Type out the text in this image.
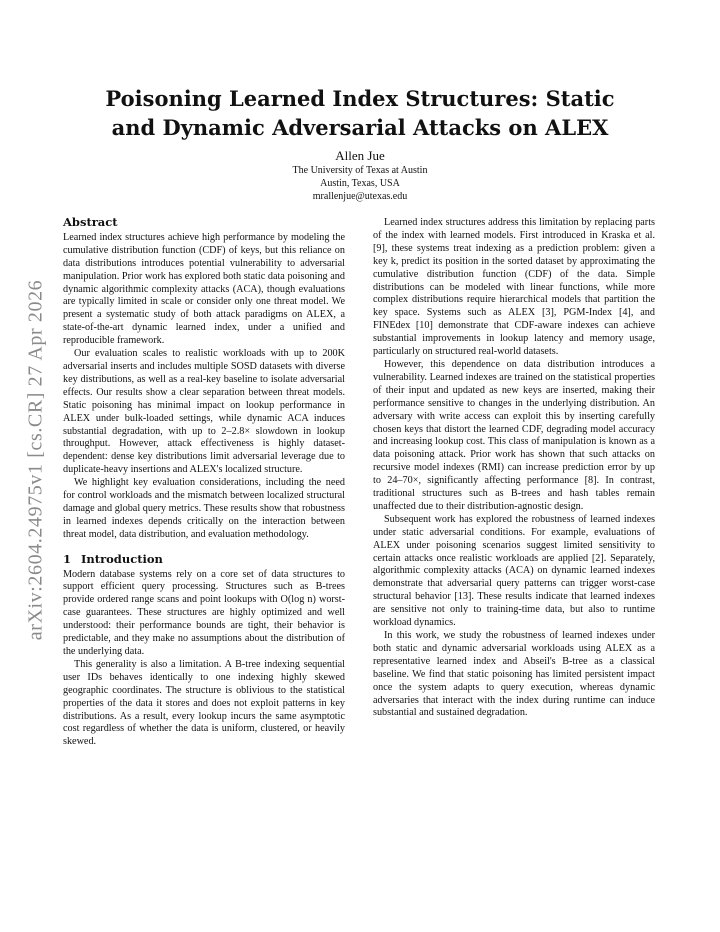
arXiv:2604.24975v1 [cs.CR] 27 Apr 2026
Poisoning Learned Index Structures: Static and Dynamic Adversarial Attacks on ALEX
Allen Jue
The University of Texas at Austin
Austin, Texas, USA
mrallenjue@utexas.edu
Abstract

Learned index structures achieve high performance by modeling the cumulative distribution function (CDF) of keys, but this reliance on data distributions introduces potential vulnerability to adversarial manipulation. Prior work has explored both static data poisoning and dynamic algorithmic complexity attacks (ACA), though evaluations are typically limited in scale or consider only one threat model. We present a systematic study of both attack paradigms on ALEX, a state-of-the-art dynamic learned index, under a unified and reproducible framework.

Our evaluation scales to realistic workloads with up to 200K adversarial inserts and includes multiple SOSD datasets with diverse key distributions, as well as a real-key baseline to isolate adversarial effects. Our results show a clear separation between threat models. Static poisoning has minimal impact on lookup performance in ALEX under bulk-loaded settings, while dynamic ACA induces substantial degradation, with up to 2–2.8× slowdown in lookup throughput. However, attack effectiveness is highly dataset-dependent: dense key distributions limit adversarial leverage due to duplicate-heavy insertions and ALEX's localized structure.

We highlight key evaluation considerations, including the need for control workloads and the mismatch between localized structural damage and global query metrics. These results show that robustness in learned indexes depends critically on the interaction between threat model, data distribution, and evaluation methodology.

1 Introduction

Modern database systems rely on a core set of data structures to support efficient query processing. Structures such as B-trees provide ordered range scans and point lookups with O(log n) worst-case guarantees. These structures are highly optimized and well understood: their performance bounds are tight, their behavior is predictable, and they make no assumptions about the distribution of the underlying data.

This generality is also a limitation. A B-tree indexing sequential user IDs behaves identically to one indexing highly skewed geographic coordinates. The structure is oblivious to the statistical properties of the data it stores and does not exploit patterns in key distributions. As a result, every lookup incurs the same asymptotic cost regardless of whether the data is uniform, clustered, or heavily skewed.

Learned index structures address this limitation by replacing parts of the index with learned models. First introduced in Kraska et al. [9], these systems treat indexing as a prediction problem: given a key k, predict its position in the sorted dataset by approximating the cumulative distribution function (CDF) of the data. Simple distributions can be modeled with linear functions, while more complex distributions require hierarchical models that partition the key space. Systems such as ALEX [3], PGM-Index [4], and FINEdex [10] demonstrate that CDF-aware indexes can achieve substantial improvements in lookup latency and memory usage, particularly on structured real-world datasets.

However, this dependence on data distribution introduces a vulnerability. Learned indexes are trained on the statistical properties of their input and updated as new keys are inserted, making their performance sensitive to changes in the underlying distribution. An adversary with write access can exploit this by inserting carefully chosen keys that distort the learned CDF, degrading model accuracy and increasing lookup cost. This class of manipulation is known as a data poisoning attack. Prior work has shown that such attacks on recursive model indexes (RMI) can increase prediction error by up to 24–70×, significantly affecting performance [8]. In contrast, traditional structures such as B-trees and hash tables remain unaffected due to their distribution-agnostic design.

Subsequent work has explored the robustness of learned indexes under static adversarial conditions. For example, evaluations of ALEX under poisoning scenarios suggest limited sensitivity to certain attacks once realistic workloads are applied [2]. Separately, algorithmic complexity attacks (ACA) on dynamic learned indexes demonstrate that adversarial query patterns can trigger worst-case structural behavior [13]. These results indicate that learned indexes are sensitive not only to training-time data, but also to runtime workload dynamics.

In this work, we study the robustness of learned indexes under both static and dynamic adversarial workloads using ALEX as a representative learned index and Abseil's B-tree as a classical baseline. We find that static poisoning has limited persistent impact once the system adapts to query execution, whereas dynamic adversaries that interact with the index during runtime can induce substantial and sustained degradation.
